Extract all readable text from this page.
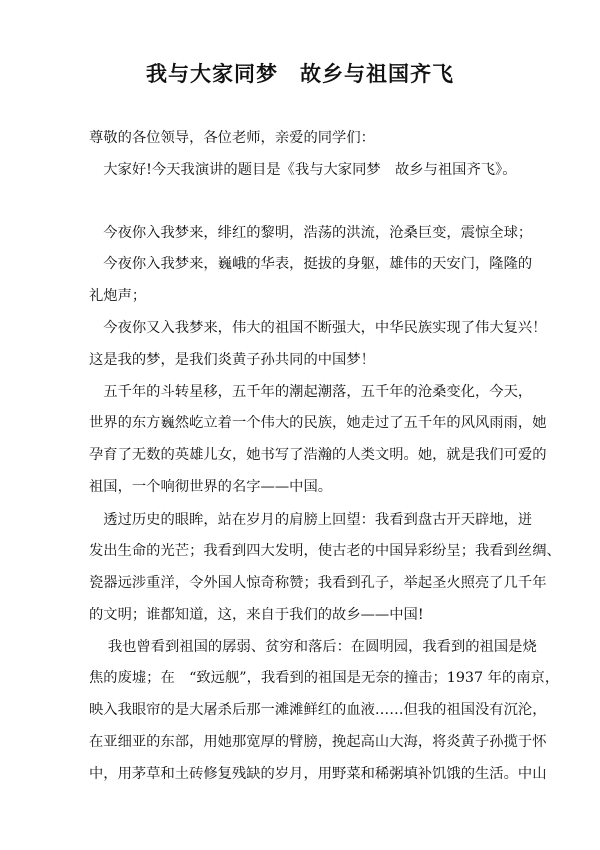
我与大家同梦　故乡与祖国齐飞
尊敬的各位领导，各位老师，亲爱的同学们：
　大家好!今天我演讲的题目是《我与大家同梦　故乡与祖国齐飞》。
　今夜你入我梦来，绯红的黎明，浩荡的洪流，沧桑巨变，震惊全球；
　今夜你入我梦来，巍峨的华表，挺拔的身躯，雄伟的天安门，隆隆的
礼炮声；
　今夜你又入我梦来，伟大的祖国不断强大，中华民族实现了伟大复兴！
这是我的梦，是我们炎黄子孙共同的中国梦！
　五千年的斗转星移，五千年的潮起潮落，五千年的沧桑变化，今天，
世界的东方巍然屹立着一个伟大的民族，她走过了五千年的风风雨雨，她
孕育了无数的英雄儿女，她书写了浩瀚的人类文明。她，就是我们可爱的
祖国，一个响彻世界的名字——中国。
　透过历史的眼眸，站在岁月的肩膀上回望：我看到盘古开天辟地，迸
发出生命的光芒；我看到四大发明，使古老的中国异彩纷呈；我看到丝绸、
瓷器远涉重洋，令外国人惊奇称赞；我看到孔子，举起圣火照亮了几千年
的文明；谁都知道，这，来自于我们的故乡——中国!
　 我也曾看到祖国的孱弱、贫穷和落后：在圆明园，我看到的祖国是烧
焦的废墟；在　“致远舰”，我看到的祖国是无奈的撞击；1937 年的南京，
映入我眼帘的是大屠杀后那一滩滩鲜红的血液……但我的祖国没有沉沦，
在亚细亚的东部，用她那宽厚的臂膀，挽起高山大海，将炎黄子孙揽于怀
中，用茅草和土砖修复残缺的岁月，用野菜和稀粥填补饥饿的生活。中山
